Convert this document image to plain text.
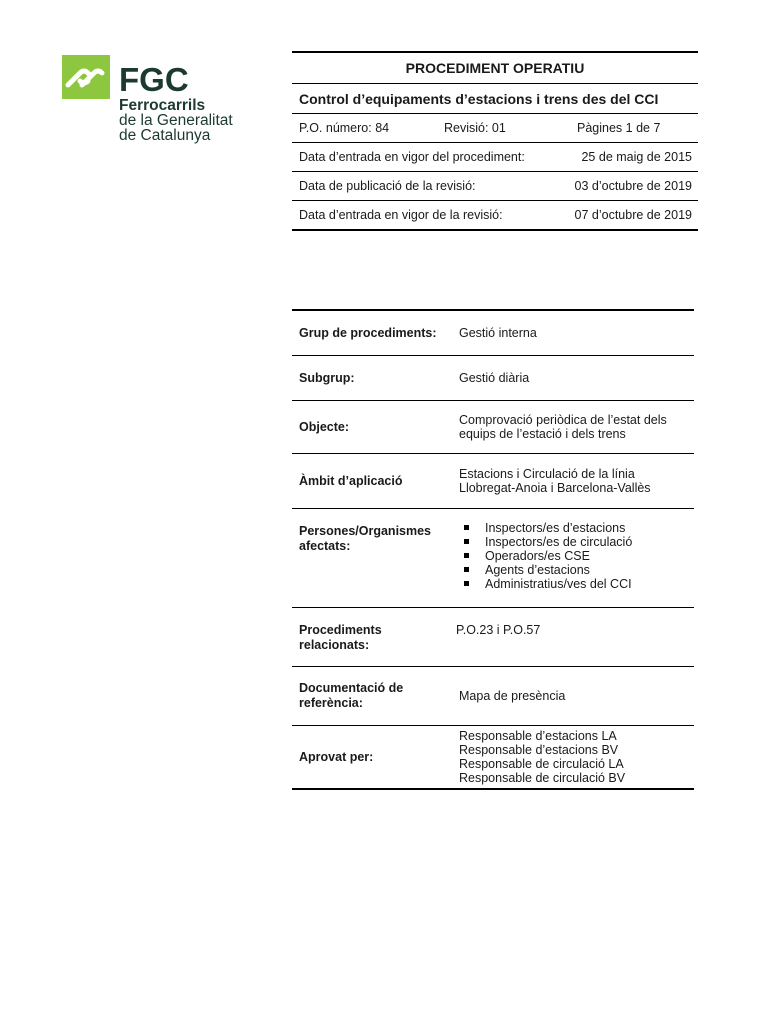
FGC
Ferrocarrils
de la Generalitat
de Catalunya
PROCEDIMENT OPERATIU
Control d’equipaments d’estacions i trens des del CCI
P.O. número: 84	Revisió: 01	Pàgines 1 de 7
Data d’entrada en vigor del procediment:	25 de maig de 2015
Data de publicació de la revisió:	03 d’octubre de 2019
Data d’entrada en vigor de la revisió:	07 d’octubre de 2019
Grup de procediments:	Gestió interna
Subgrup:	Gestió diària
Objecte:	Comprovació periòdica de l’estat dels
equips de l’estació i dels trens
Àmbit d’aplicació	Estacions i Circulació de la línia
Llobregat-Anoia i Barcelona-Vallès
Persones/Organismes
afectats:
Inspectors/es d’estacions
Inspectors/es de circulació
Operadors/es CSE
Agents d’estacions
Administratius/ves del CCI
Procediments
relacionats:
P.O.23 i P.O.57
Documentació de
referència:	Mapa de presència
Aprovat per:
Responsable d’estacions LA
Responsable d’estacions BV
Responsable de circulació LA
Responsable de circulació BV
